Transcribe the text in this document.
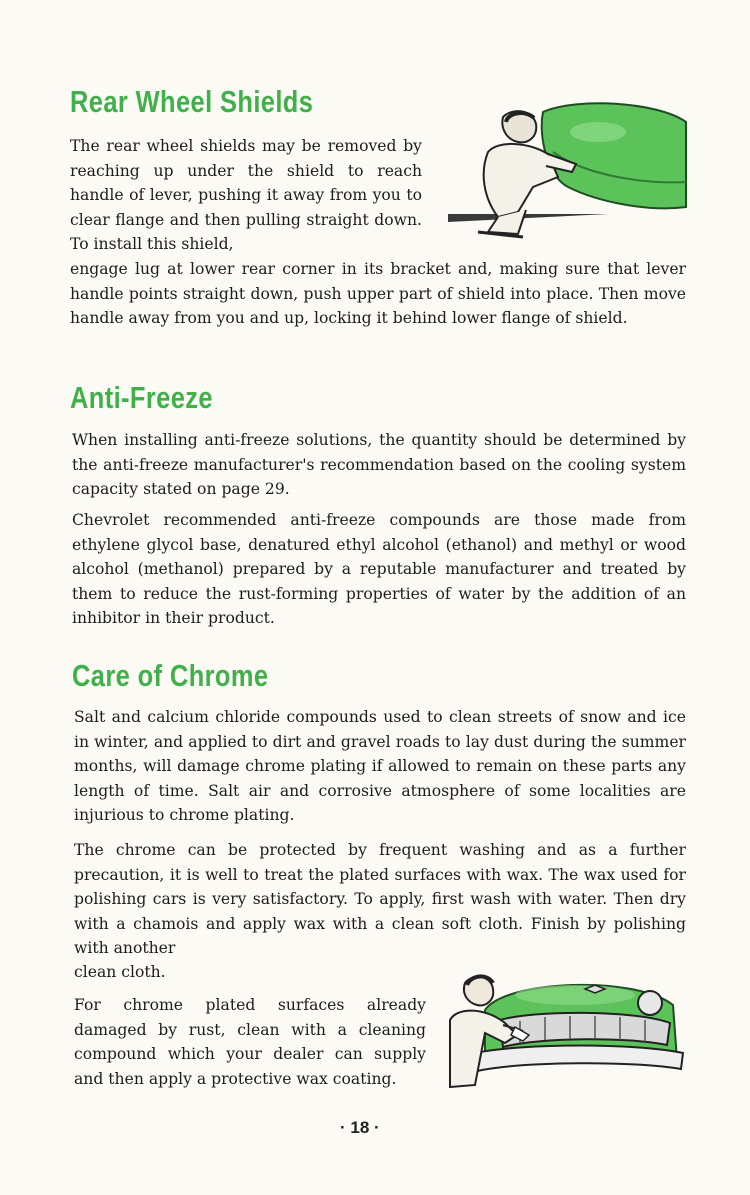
Rear Wheel Shields

The rear wheel shields may be removed by reaching up under the shield to reach handle of lever, pushing it away from you to clear flange and then pulling straight down. To install this shield,

engage lug at lower rear corner in its bracket and, making sure that lever handle points straight down, push upper part of shield into place. Then move handle away from you and up, locking it behind lower flange of shield.

Anti-Freeze

When installing anti-freeze solutions, the quantity should be determined by the anti-freeze manufacturer's recommendation based on the cooling system capacity stated on page 29.

Chevrolet recommended anti-freeze compounds are those made from ethylene glycol base, denatured ethyl alcohol (ethanol) and methyl or wood alcohol (methanol) prepared by a reputable manufacturer and treated by them to reduce the rust-forming properties of water by the addition of an inhibitor in their product.

Care of Chrome

Salt and calcium chloride compounds used to clean streets of snow and ice in winter, and applied to dirt and gravel roads to lay dust during the summer months, will damage chrome plating if allowed to remain on these parts any length of time. Salt air and corrosive atmosphere of some localities are injurious to chrome plating.

The chrome can be protected by frequent washing and as a further precaution, it is well to treat the plated surfaces with wax. The wax used for polishing cars is very satisfactory. To apply, first wash with water. Then dry with a chamois and apply wax with a clean soft cloth. Finish by polishing with another

clean cloth.

For chrome plated surfaces already damaged by rust, clean with a cleaning compound which your dealer can supply and then apply a protective wax coating.

· 18 ·
